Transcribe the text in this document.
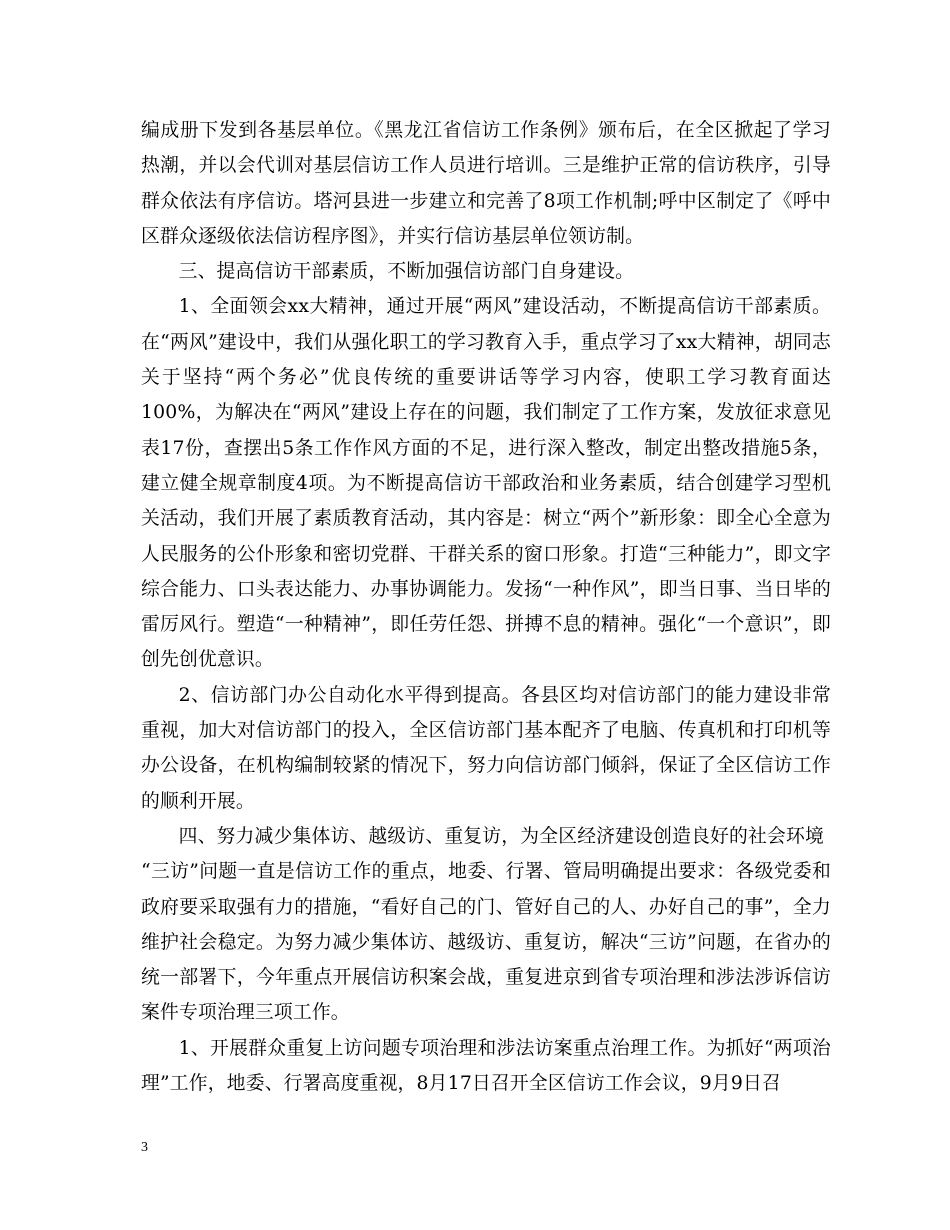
编成册下发到各基层单位。《黑龙江省信访工作条例》颁布后，在全区掀起了学习热潮，并以会代训对基层信访工作人员进行培训。三是维护正常的信访秩序，引导群众依法有序信访。塔河县进一步建立和完善了8项工作机制;呼中区制定了《呼中区群众逐级依法信访程序图》，并实行信访基层单位领访制。

三、提高信访干部素质，不断加强信访部门自身建设。

1、全面领会xx大精神，通过开展“两风”建设活动，不断提高信访干部素质。在“两风”建设中，我们从强化职工的学习教育入手，重点学习了xx大精神，胡同志关于坚持“两个务必”优良传统的重要讲话等学习内容，使职工学习教育面达100%，为解决在“两风”建设上存在的问题，我们制定了工作方案，发放征求意见表17份，查摆出5条工作作风方面的不足，进行深入整改，制定出整改措施5条，建立健全规章制度4项。为不断提高信访干部政治和业务素质，结合创建学习型机关活动，我们开展了素质教育活动，其内容是：树立“两个”新形象：即全心全意为人民服务的公仆形象和密切党群、干群关系的窗口形象。打造“三种能力”，即文字综合能力、口头表达能力、办事协调能力。发扬“一种作风”，即当日事、当日毕的雷厉风行。塑造“一种精神”，即任劳任怨、拼搏不息的精神。强化“一个意识”，即创先创优意识。

2、信访部门办公自动化水平得到提高。各县区均对信访部门的能力建设非常重视，加大对信访部门的投入，全区信访部门基本配齐了电脑、传真机和打印机等办公设备，在机构编制较紧的情况下，努力向信访部门倾斜，保证了全区信访工作的顺利开展。

四、努力减少集体访、越级访、重复访，为全区经济建设创造良好的社会环境

“三访”问题一直是信访工作的重点，地委、行署、管局明确提出要求：各级党委和政府要采取强有力的措施，“看好自己的门、管好自己的人、办好自己的事”，全力维护社会稳定。为努力减少集体访、越级访、重复访，解决“三访”问题，在省办的统一部署下，今年重点开展信访积案会战，重复进京到省专项治理和涉法涉诉信访案件专项治理三项工作。

1、开展群众重复上访问题专项治理和涉法访案重点治理工作。为抓好“两项治理”工作，地委、行署高度重视，8月17日召开全区信访工作会议，9月9日召

3
